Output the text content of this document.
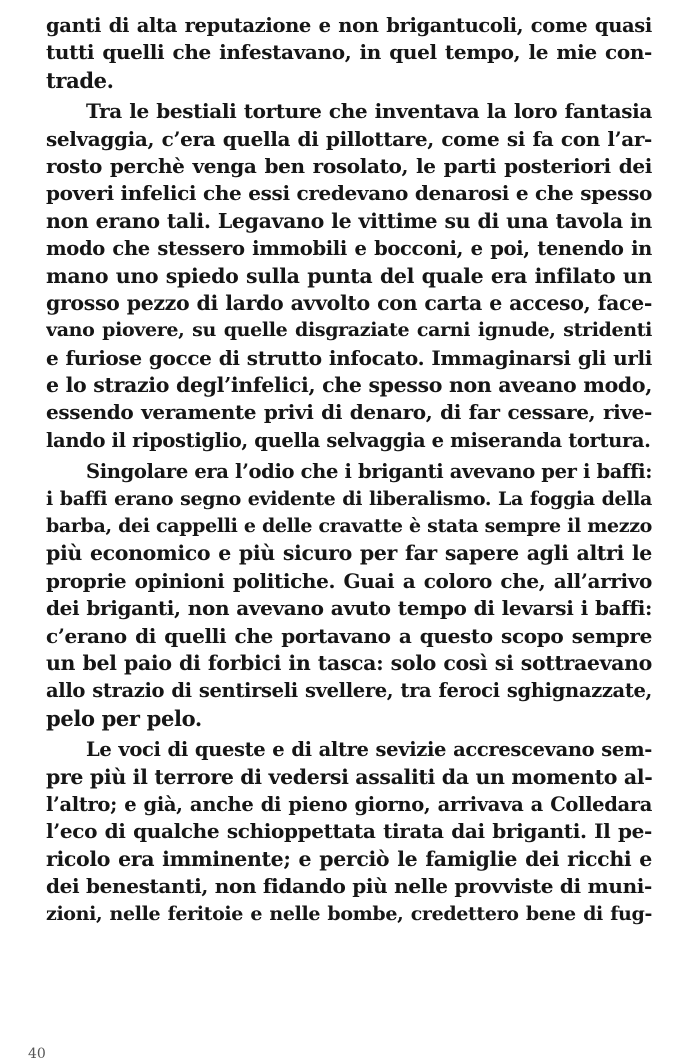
ganti di alta reputazione e non brigantucoli, come quasi
tutti quelli che infestavano, in quel tempo, le mie con-
trade.
Tra le bestiali torture che inventava la loro fantasia
selvaggia, c’era quella di pillottare, come si fa con l’ar-
rosto perchè venga ben rosolato, le parti posteriori dei
poveri infelici che essi credevano denarosi e che spesso
non erano tali. Legavano le vittime su di una tavola in
modo che stessero immobili e bocconi, e poi, tenendo in
mano uno spiedo sulla punta del quale era infilato un
grosso pezzo di lardo avvolto con carta e acceso, face-
vano piovere, su quelle disgraziate carni ignude, stridenti
e furiose gocce di strutto infocato. Immaginarsi gli urli
e lo strazio degl’infelici, che spesso non aveano modo,
essendo veramente privi di denaro, di far cessare, rive-
lando il ripostiglio, quella selvaggia e miseranda tortura.
Singolare era l’odio che i briganti avevano per i baffi:
i baffi erano segno evidente di liberalismo. La foggia della
barba, dei cappelli e delle cravatte è stata sempre il mezzo
più economico e più sicuro per far sapere agli altri le
proprie opinioni politiche. Guai a coloro che, all’arrivo
dei briganti, non avevano avuto tempo di levarsi i baffi:
c’erano di quelli che portavano a questo scopo sempre
un bel paio di forbici in tasca: solo così si sottraevano
allo strazio di sentirseli svellere, tra feroci sghignazzate,
pelo per pelo.
Le voci di queste e di altre sevizie accrescevano sem-
pre più il terrore di vedersi assaliti da un momento al-
l’altro; e già, anche di pieno giorno, arrivava a Colledara
l’eco di qualche schioppettata tirata dai briganti. Il pe-
ricolo era imminente; e perciò le famiglie dei ricchi e
dei benestanti, non fidando più nelle provviste di muni-
zioni, nelle feritoie e nelle bombe, credettero bene di fug-
40
